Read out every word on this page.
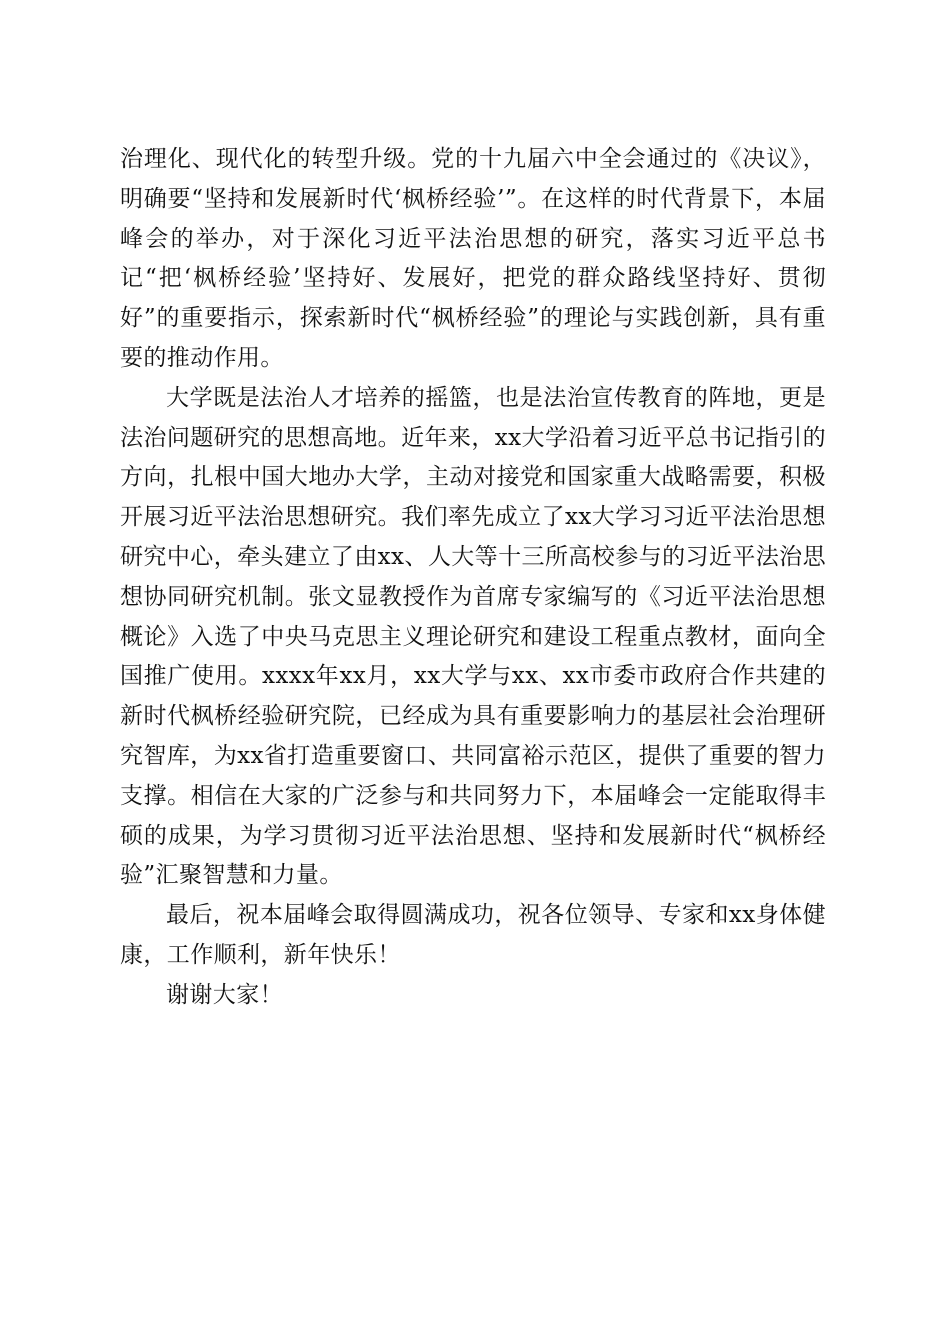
治理化、现代化的转型升级。党的十九届六中全会通过的《决议》，明确要“坚持和发展新时代‘枫桥经验’”。在这样的时代背景下，本届峰会的举办，对于深化习近平法治思想的研究，落实习近平总书记“把‘枫桥经验’坚持好、发展好，把党的群众路线坚持好、贯彻好”的重要指示，探索新时代“枫桥经验”的理论与实践创新，具有重要的推动作用。

大学既是法治人才培养的摇篮，也是法治宣传教育的阵地，更是法治问题研究的思想高地。近年来，xx大学沿着习近平总书记指引的方向，扎根中国大地办大学，主动对接党和国家重大战略需要，积极开展习近平法治思想研究。我们率先成立了xx大学习习近平法治思想研究中心，牵头建立了由xx、人大等十三所高校参与的习近平法治思想协同研究机制。张文显教授作为首席专家编写的《习近平法治思想概论》入选了中央马克思主义理论研究和建设工程重点教材，面向全国推广使用。xxxx年xx月，xx大学与xx、xx市委市政府合作共建的新时代枫桥经验研究院，已经成为具有重要影响力的基层社会治理研究智库，为xx省打造重要窗口、共同富裕示范区，提供了重要的智力支撑。相信在大家的广泛参与和共同努力下，本届峰会一定能取得丰硕的成果，为学习贯彻习近平法治思想、坚持和发展新时代“枫桥经验”汇聚智慧和力量。

最后，祝本届峰会取得圆满成功，祝各位领导、专家和xx身体健康，工作顺利，新年快乐！

谢谢大家！
